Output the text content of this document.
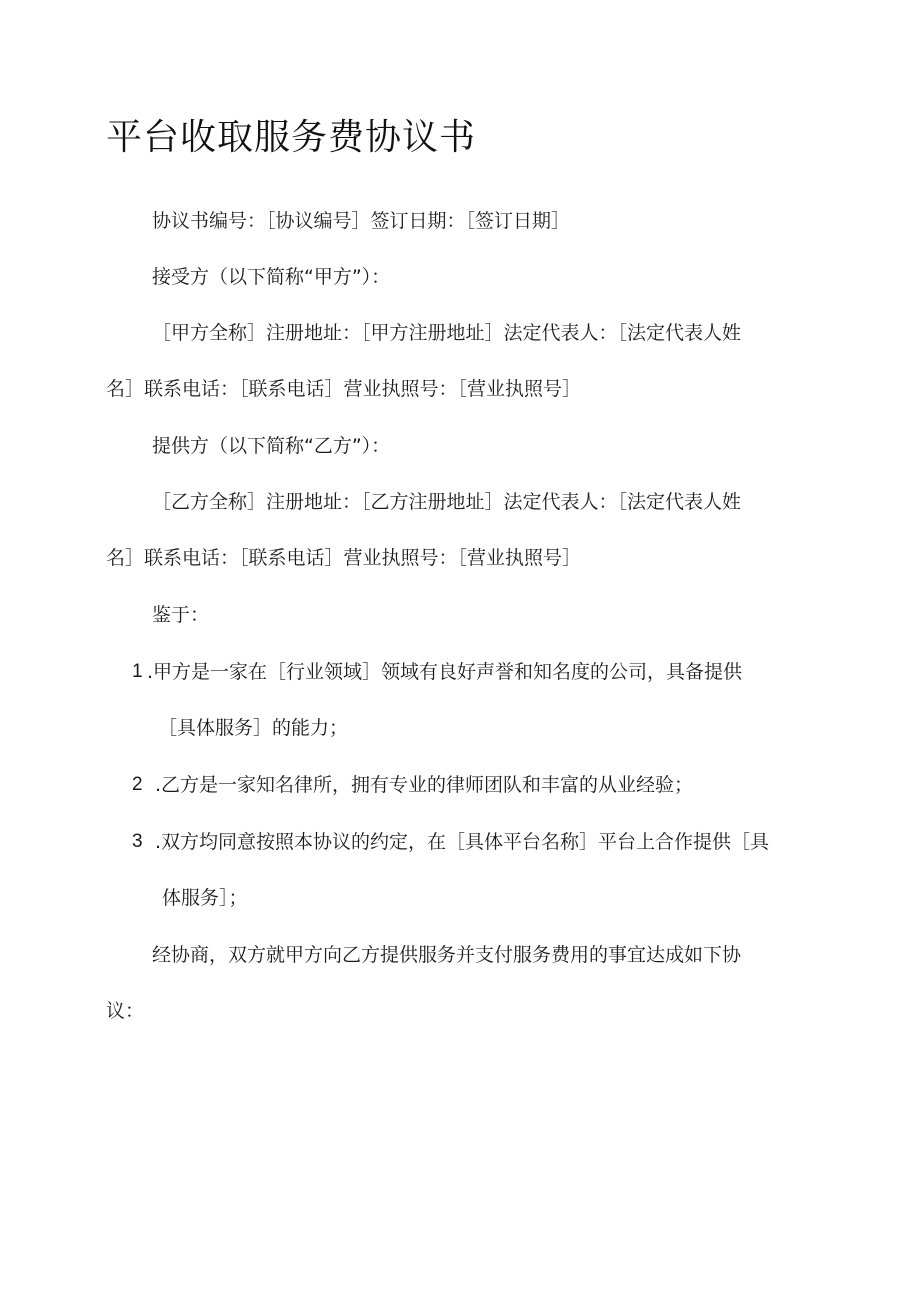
平台收取服务费协议书
协议书编号：［协议编号］签订日期：［签订日期］
接受方（以下简称“甲方”）：
［甲方全称］注册地址：［甲方注册地址］法定代表人：［法定代表人姓
名］联系电话：［联系电话］营业执照号：［营业执照号］
提供方（以下简称“乙方”）：
［乙方全称］注册地址：［乙方注册地址］法定代表人：［法定代表人姓
名］联系电话：［联系电话］营业执照号：［营业执照号］
鉴于：
1 .甲方是一家在［行业领域］领域有良好声誉和知名度的公司，具备提供
［具体服务］的能力；
2 .乙方是一家知名律所，拥有专业的律师团队和丰富的从业经验；
3 .双方均同意按照本协议的约定，在［具体平台名称］平台上合作提供［具
体服务］；
经协商，双方就甲方向乙方提供服务并支付服务费用的事宜达成如下协
议：
